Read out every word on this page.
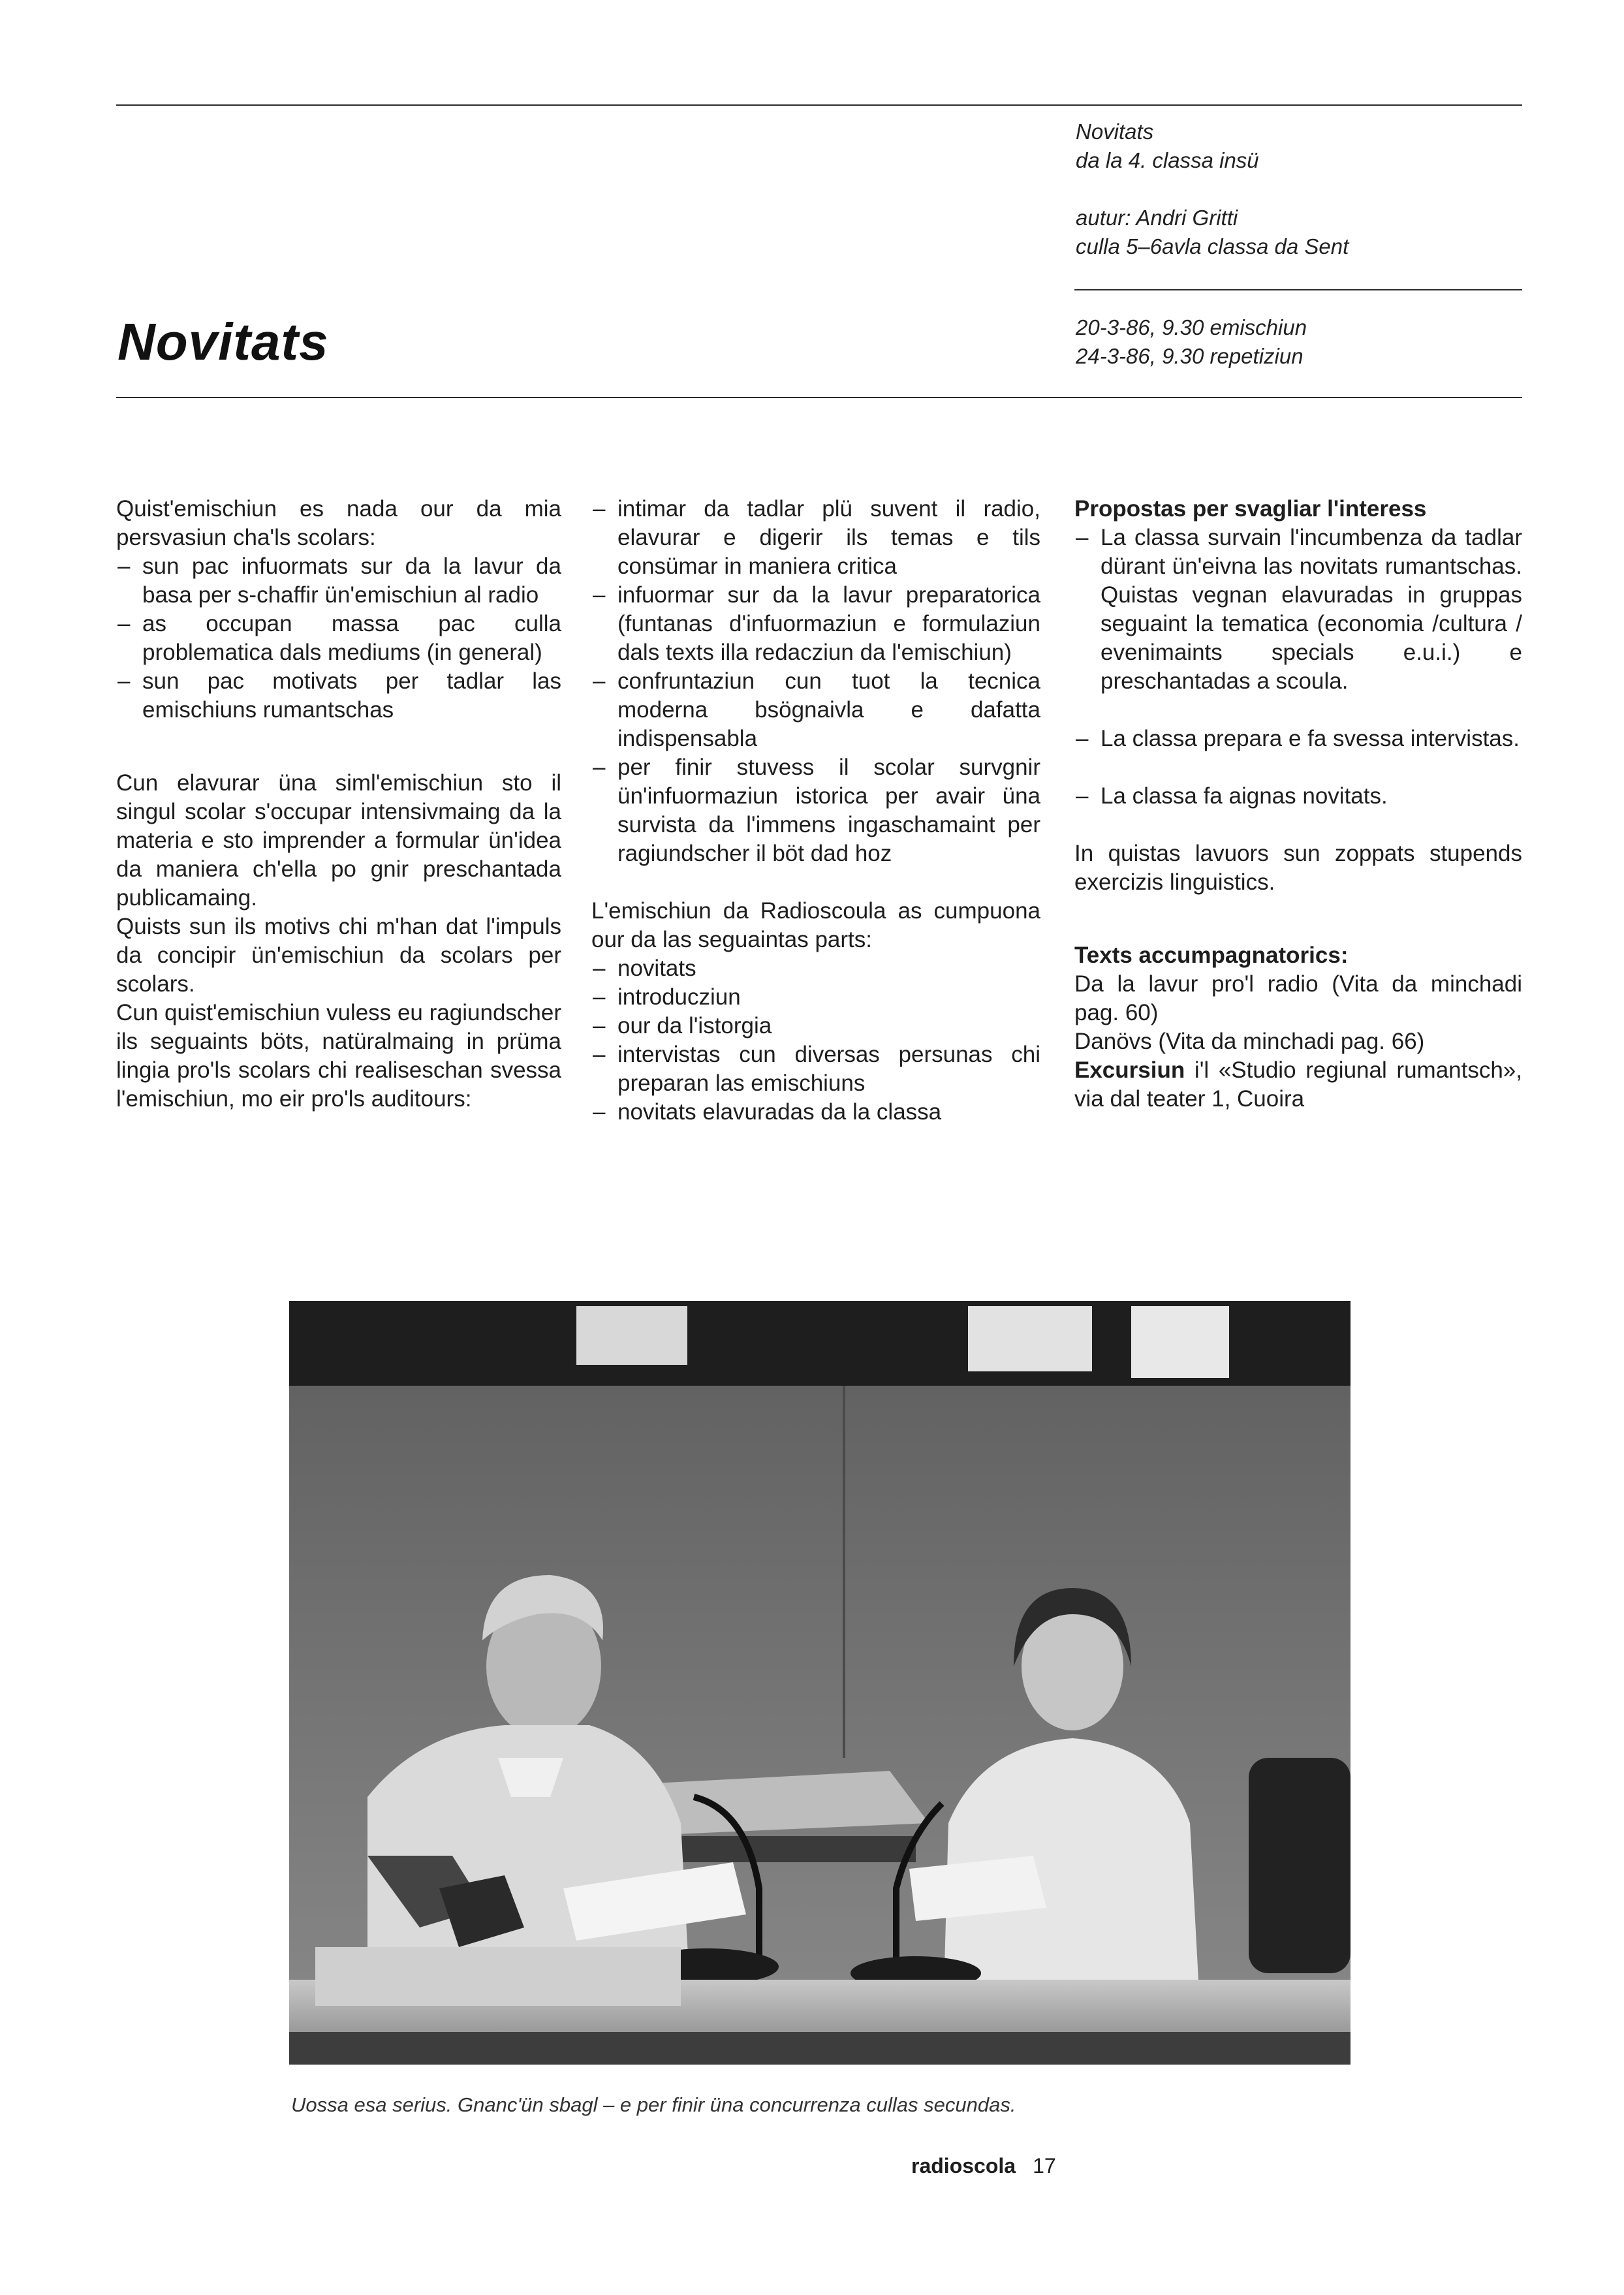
Novitats
da la 4. classa insü
autur: Andri Gritti
culla 5–6avla classa da Sent
20-3-86, 9.30 emischiun
24-3-86, 9.30 repetiziun
Novitats

Quist'emischiun es nada our da mia persvasiun cha'ls scolars:

– sun pac infuormats sur da la lavur da basa per s-chaffir ün'emischiun al radio
– as occupan massa pac culla problematica dals mediums (in general)
– sun pac motivats per tadlar las emischiuns rumantschas

Cun elavurar üna siml'emischiun sto il singul scolar s'occupar intensivmaing da la materia e sto imprender a formular ün'idea da maniera ch'ella po gnir preschantada publicamaing.

Quists sun ils motivs chi m'han dat l'impuls da concipir ün'emischiun da scolars per scolars.

Cun quist'emischiun vuless eu ragiundscher ils seguaints böts, natüralmaing in prüma lingia pro'ls scolars chi realiseschan svessa l'emischiun, mo eir pro'ls auditours:

– intimar da tadlar plü suvent il radio, elavurar e digerir ils temas e tils consümar in maniera critica
– infuormar sur da la lavur preparatorica (funtanas d'infuormaziun e formulaziun dals texts illa redacziun da l'emischiun)
– confruntaziun cun tuot la tecnica moderna bsögnaivla e dafatta indispensabla
– per finir stuvess il scolar survgnir ün'infuormaziun istorica per avair üna survista da l'immens ingaschamaint per ragiundscher il böt dad hoz

L'emischiun da Radioscoula as cumpuona our da las seguaintas parts:

– novitats
– introducziun
– our da l'istorgia
– intervistas cun diversas persunas chi preparan las emischiuns
– novitats elavuradas da la classa
Propostas per svagliar l'interess
– La classa survain l'incumbenza da tadlar dürant ün'eivna las novitats rumantschas. Quistas vegnan elavuradas in gruppas seguaint la tematica (economia /cultura / evenimaints specials e.u.i.) e preschantadas a scoula.
– La classa prepara e fa svessa intervistas.
– La classa fa aignas novitats.

In quistas lavuors sun zoppats stupends exercizis linguistics.

Texts accumpagnatorics:

Da la lavur pro'l radio (Vita da minchadi pag. 60)

Danövs (Vita da minchadi pag. 66)

Excursiun i'l «Studio regiunal rumantsch», via dal teater 1, Cuoira

Uossa esa serius. Gnanc'ün sbagl – e per finir üna concurrenza cullas secundas.
radioscola 17
